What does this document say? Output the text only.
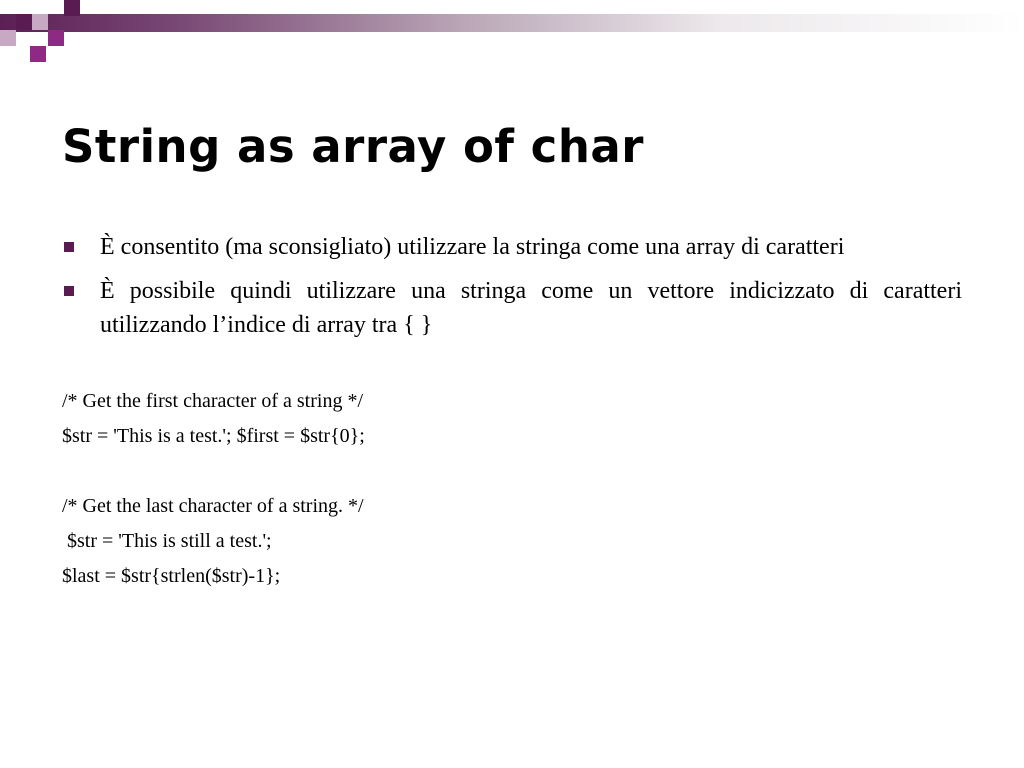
String as array of char
È consentito (ma sconsigliato) utilizzare la stringa come una array di caratteri
È possibile quindi utilizzare una stringa come un vettore indicizzato di caratteri utilizzando l’indice di array tra { }
/* Get the first character of a string */
$str = 'This is a test.'; $first = $str{0};
/* Get the last character of a string. */
$str = 'This is still a test.';
$last = $str{strlen($str)-1};
